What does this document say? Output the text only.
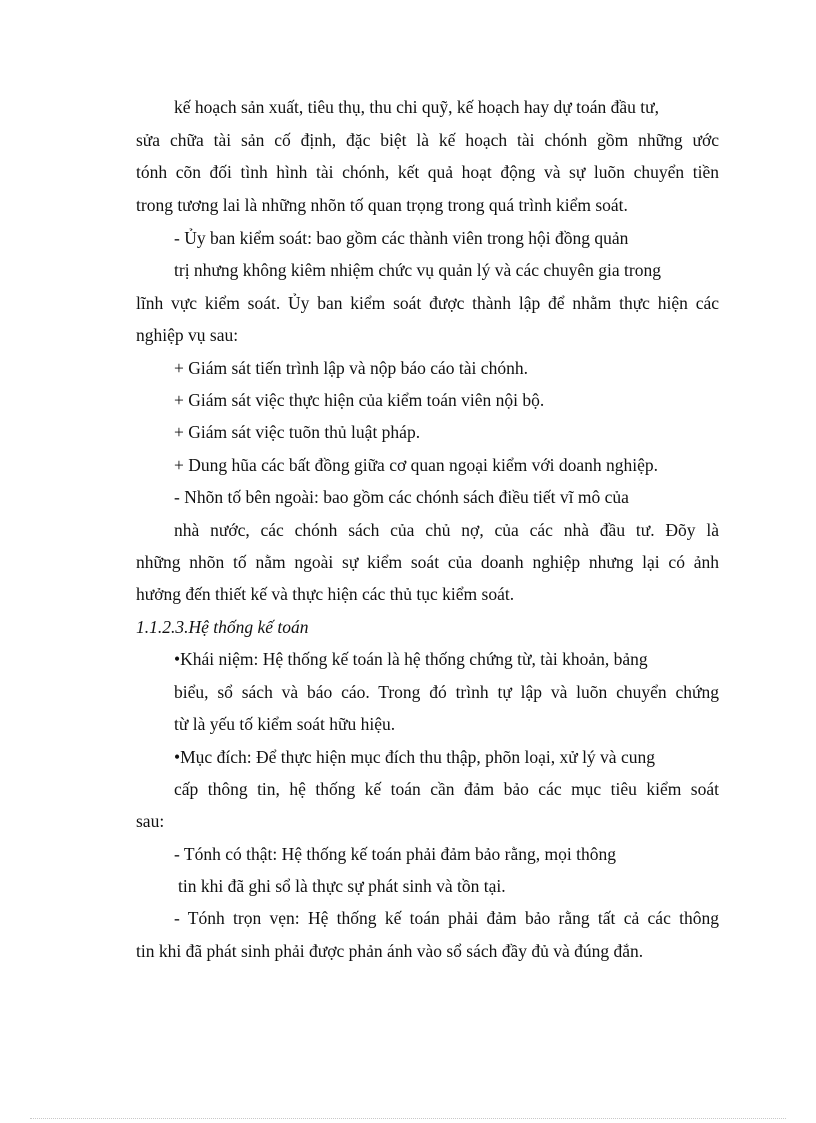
kế hoạch sản xuất, tiêu thụ, thu chi quỹ, kế hoạch hay dự toán đầu tư,
sửa chữa tài sản cố định, đặc biệt là kế hoạch tài chónh gồm những ước
tónh cõn đối tình hình tài chónh, kết quả hoạt động và sự luõn chuyển tiền
trong tương lai là những nhõn tố quan trọng trong quá trình kiểm soát.
- Ủy ban kiểm soát: bao gồm các thành viên trong hội đồng quản
trị nhưng không kiêm nhiệm chức vụ quản lý và các chuyên gia trong
lĩnh vực kiểm soát. Ủy ban kiểm soát được thành lập để nhằm thực hiện các
nghiệp vụ sau:
+ Giám sát tiến trình lập và nộp báo cáo tài chónh.
+ Giám sát việc thực hiện của kiểm toán viên nội bộ.
+ Giám sát việc tuõn thủ luật pháp.
+ Dung hũa các bất đồng giữa cơ quan ngoại kiểm với doanh nghiệp.
- Nhõn tố bên ngoài: bao gồm các chónh sách điều tiết vĩ mô của
nhà nước, các chónh sách của chủ nợ, của các nhà đầu tư. Đõy là
những nhõn tố nằm ngoài sự kiểm soát của doanh nghiệp nhưng lại có ảnh
hưởng đến thiết kế và thực hiện các thủ tục kiểm soát.
1.1.2.3.Hệ thống kế toán
•Khái niệm: Hệ thống kế toán là hệ thống chứng từ, tài khoản, bảng
biểu, sổ sách và báo cáo. Trong đó trình tự lập và luõn chuyển chứng
từ là yếu tố kiểm soát hữu hiệu.
•Mục đích: Để thực hiện mục đích thu thập, phõn loại, xử lý và cung
cấp thông tin, hệ thống kế toán cần đảm bảo các mục tiêu kiểm soát
sau:
- Tónh có thật: Hệ thống kế toán phải đảm bảo rằng, mọi thông
tin khi đã ghi sổ là thực sự phát sinh và tồn tại.
- Tónh trọn vẹn: Hệ thống kế toán phải đảm bảo rằng tất cả các thông
tin khi đã phát sinh phải được phản ánh vào sổ sách đầy đủ và đúng đắn.
